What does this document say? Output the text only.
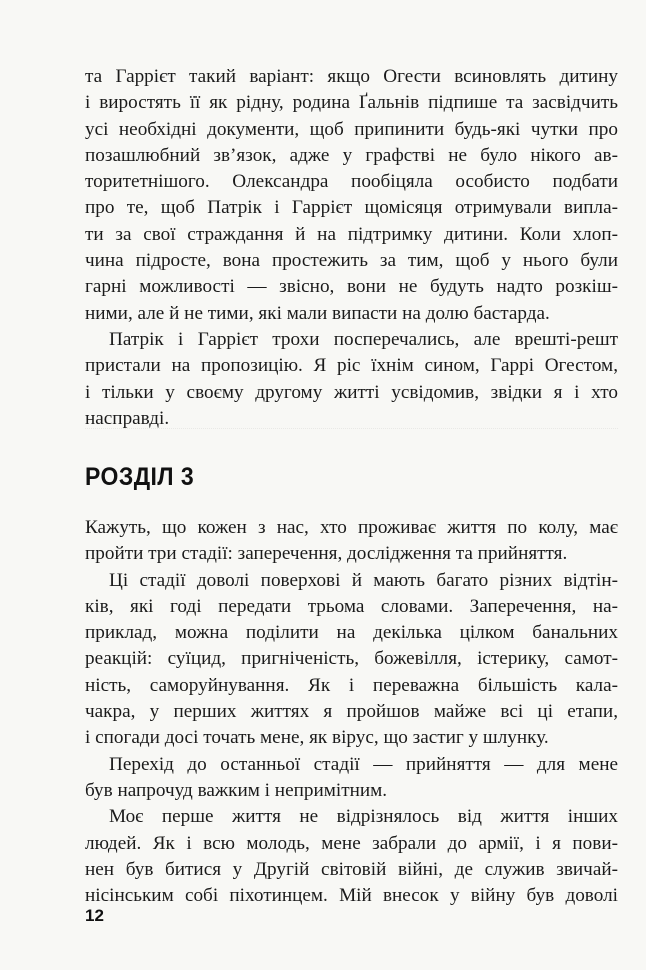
та Гаррієт такий варіант: якщо Огести всиновлять дитину
і виростять її як рідну, родина Ґальнів підпише та засвідчить
усі необхідні документи, щоб припинити будь-які чутки про
позашлюбний зв’язок, адже у графстві не було нікого ав-
торитетнішого. Олександра пообіцяла особисто подбати
про те, щоб Патрік і Гаррієт щомісяця отримували випла-
ти за свої страждання й на підтримку дитини. Коли хлоп-
чина підросте, вона простежить за тим, щоб у нього були
гарні можливості — звісно, вони не будуть надто розкіш-
ними, але й не тими, які мали випасти на долю бастарда.
Патрік і Гаррієт трохи посперечались, але врешті-решт
пристали на пропозицію. Я ріс їхнім сином, Гаррі Огестом,
і тільки у своєму другому житті усвідомив, звідки я і хто
насправді.
РОЗДІЛ 3
Кажуть, що кожен з нас, хто проживає життя по колу, має
пройти три стадії: заперечення, дослідження та прийняття.
Ці стадії доволі поверхові й мають багато різних відтін-
ків, які годі передати трьома словами. Заперечення, на-
приклад, можна поділити на декілька цілком банальних
реакцій: суїцид, пригніченість, божевілля, істерику, самот-
ність, саморуйнування. Як і переважна більшість кала-
чакра, у перших життях я пройшов майже всі ці етапи,
і спогади досі точать мене, як вірус, що застиг у шлунку.
Перехід до останньої стадії — прийняття — для мене
був напрочуд важким і непримітним.
Моє перше життя не відрізнялось від життя інших
людей. Як і всю молодь, мене забрали до армії, і я пови-
нен був битися у Другій світовій війні, де служив звичай-
нісінським собі піхотинцем. Мій внесок у війну був доволі
12
